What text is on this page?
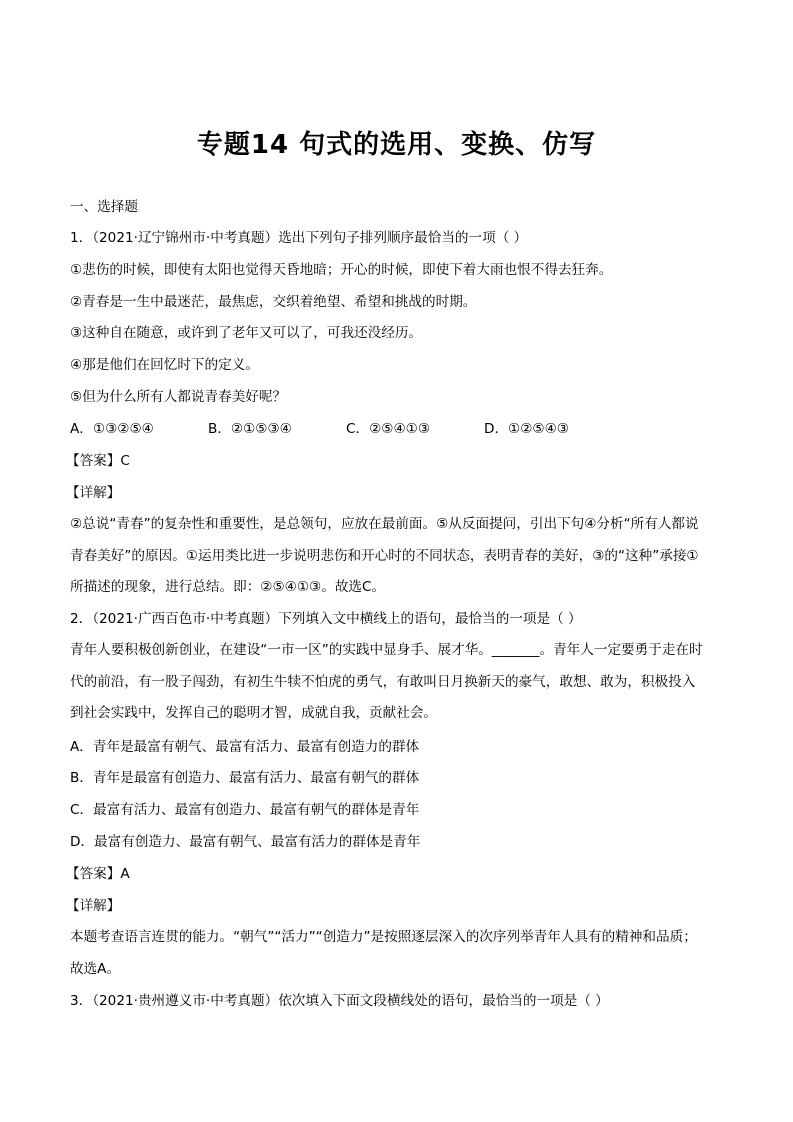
专题14 句式的选用、变换、仿写
一、选择题
1．（2021·辽宁锦州市·中考真题）选出下列句子排列顺序最恰当的一项（ ）
①悲伤的时候，即使有太阳也觉得天昏地暗；开心的时候，即使下着大雨也恨不得去狂奔。
②青春是一生中最迷茫，最焦虑，交织着绝望、希望和挑战的时期。
③这种自在随意，或许到了老年又可以了，可我还没经历。
④那是他们在回忆时下的定义。
⑤但为什么所有人都说青春美好呢？
A．①③②⑤④	B．②①⑤③④	C．②⑤④①③	D．①②⑤④③
【答案】C
【详解】
②总说“青春”的复杂性和重要性，是总领句，应放在最前面。⑤从反面提问，引出下句④分析“所有人都说
青春美好”的原因。①运用类比进一步说明悲伤和开心时的不同状态，表明青春的美好，③的“这种”承接①
所描述的现象，进行总结。即：②⑤④①③。故选C。
2．（2021·广西百色市·中考真题）下列填入文中横线上的语句，最恰当的一项是（ ）
青年人要积极创新创业，在建设“一市一区”的实践中显身手、展才华。_______。青年人一定要勇于走在时
代的前沿，有一股子闯劲，有初生牛犊不怕虎的勇气，有敢叫日月换新天的豪气，敢想、敢为，积极投入
到社会实践中，发挥自己的聪明才智，成就自我，贡献社会。
A．青年是最富有朝气、最富有活力、最富有创造力的群体
B．青年是最富有创造力、最富有活力、最富有朝气的群体
C．最富有活力、最富有创造力、最富有朝气的群体是青年
D．最富有创造力、最富有朝气、最富有活力的群体是青年
【答案】A
【详解】
本题考查语言连贯的能力。“朝气”“活力”“创造力”是按照逐层深入的次序列举青年人具有的精神和品质；
故选A。
3．（2021·贵州遵义市·中考真题）依次填入下面文段横线处的语句，最恰当的一项是（ ）
